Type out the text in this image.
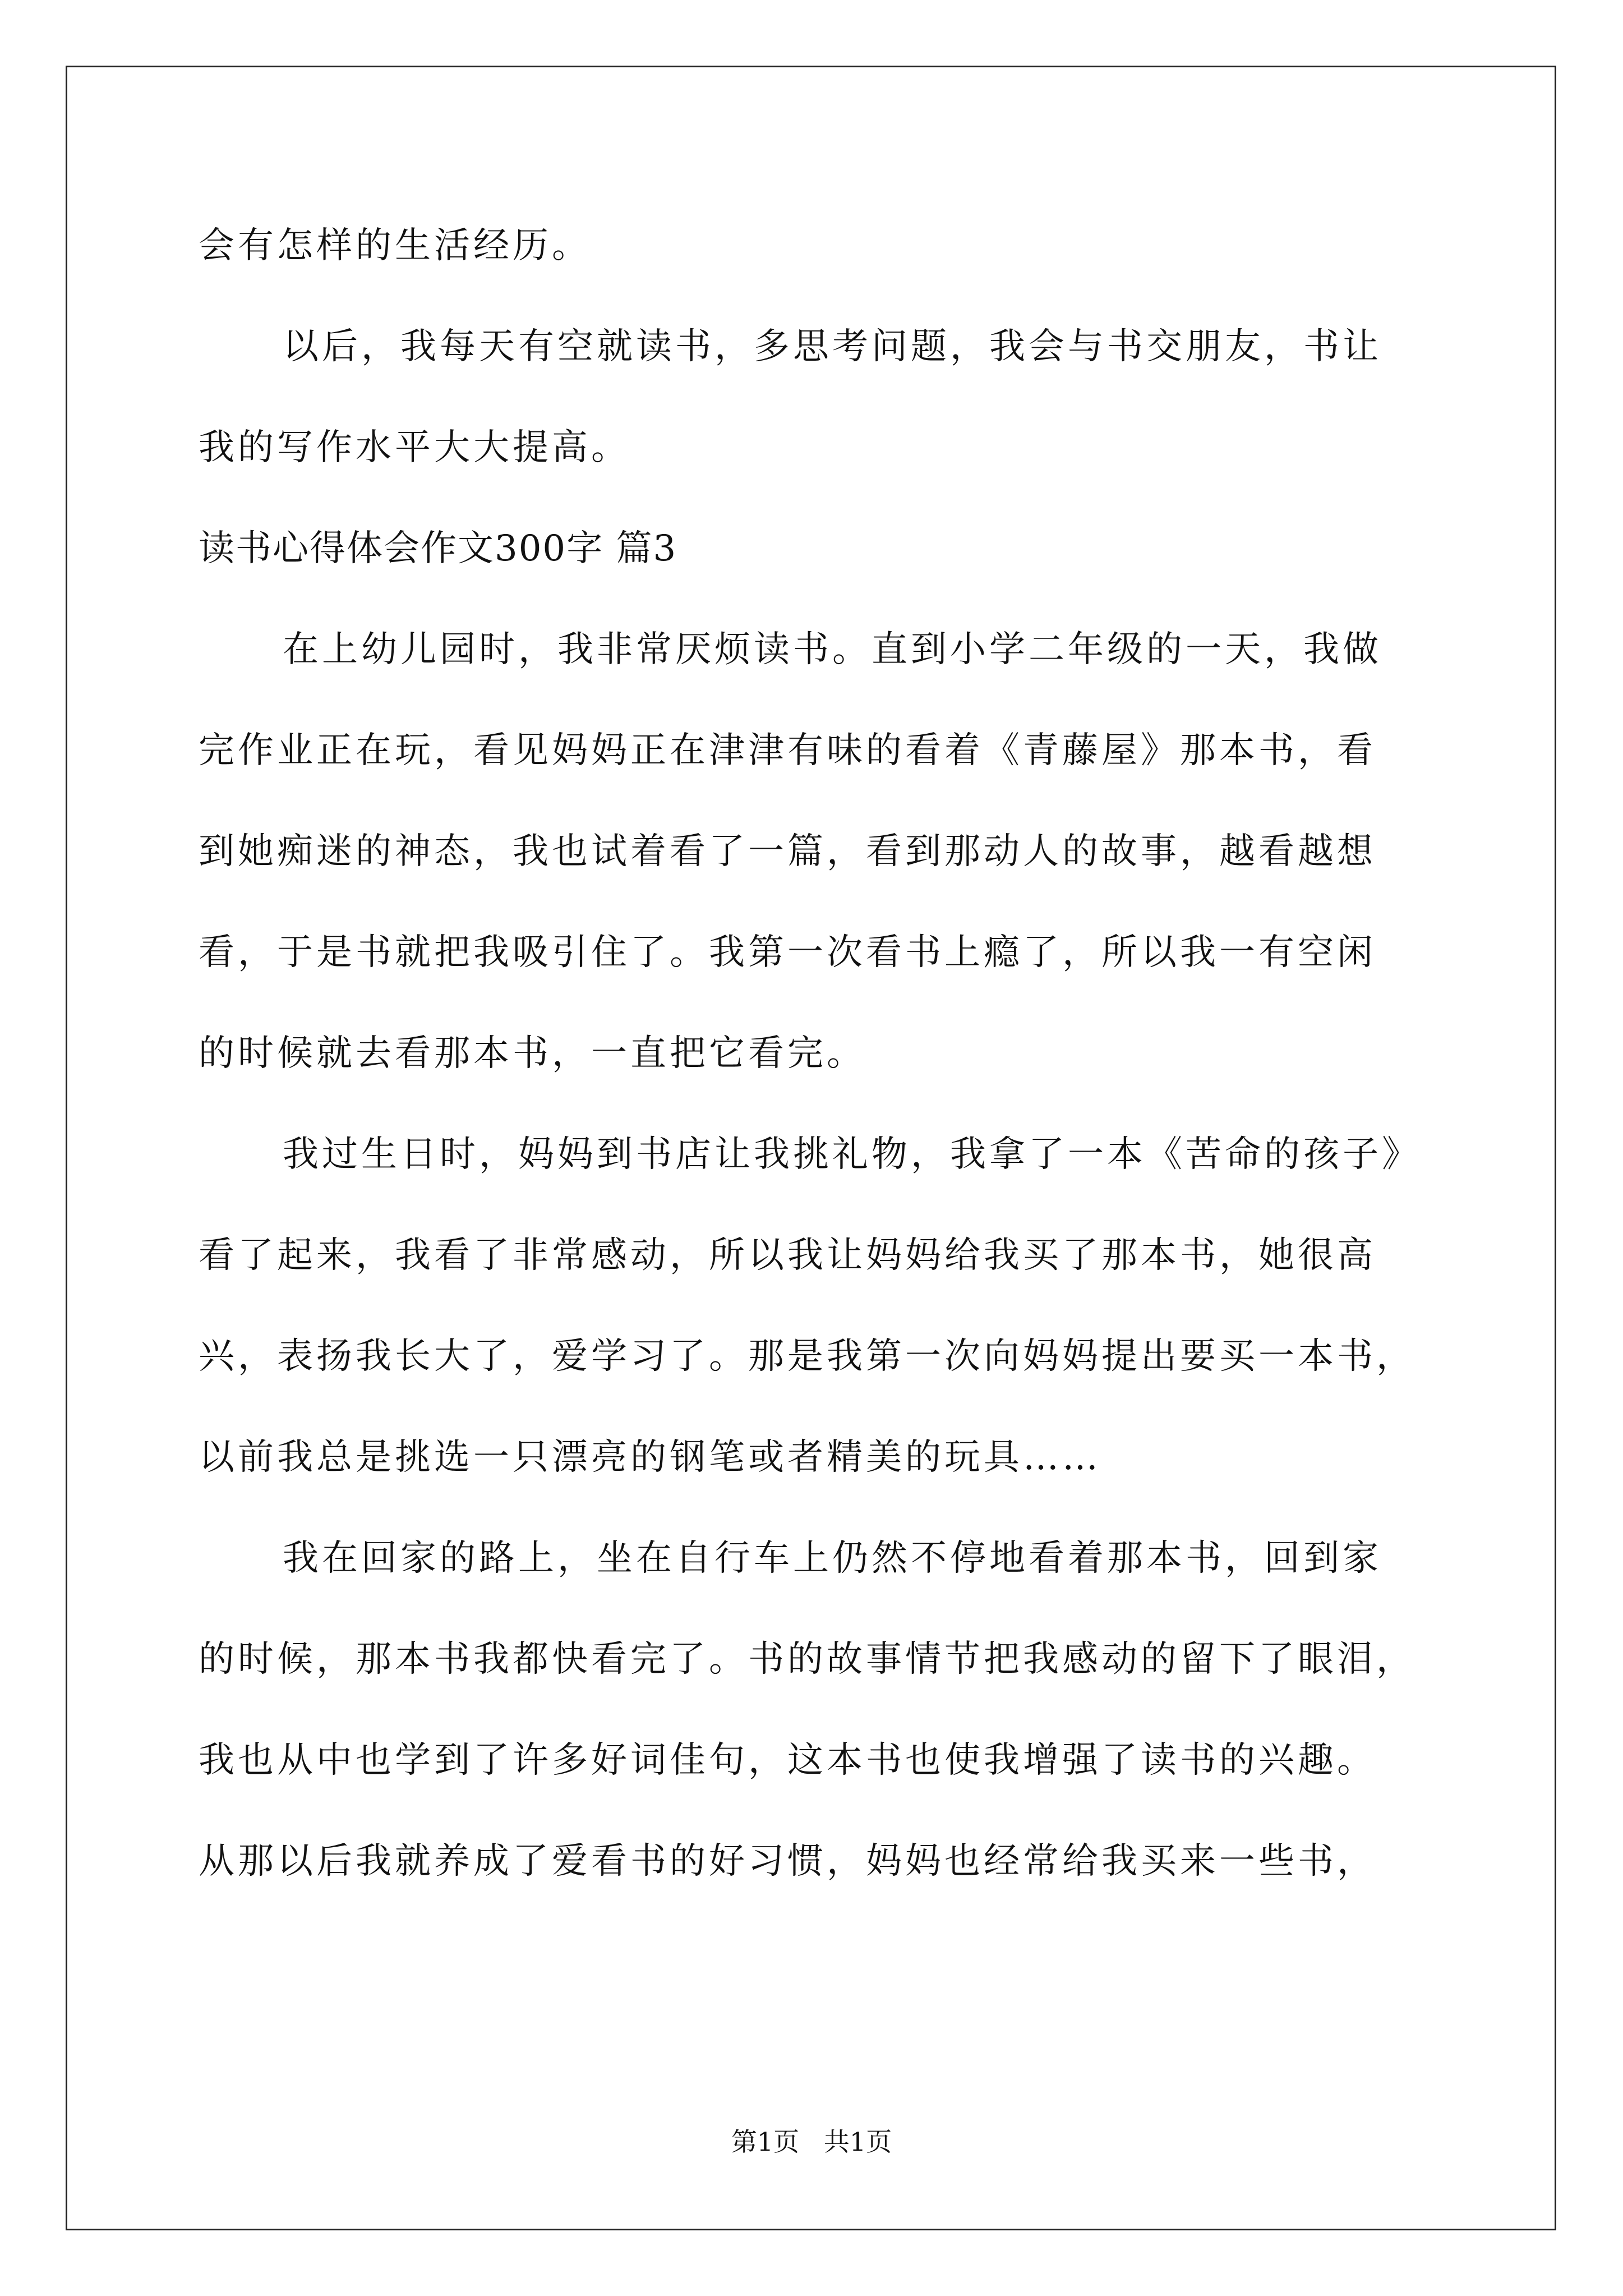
会有怎样的生活经历。

以后，我每天有空就读书，多思考问题，我会与书交朋友，书让

我的写作水平大大提高。

读书心得体会作文300字 篇3

在上幼儿园时，我非常厌烦读书。直到小学二年级的一天，我做

完作业正在玩，看见妈妈正在津津有味的看着《青藤屋》那本书，看

到她痴迷的神态，我也试着看了一篇，看到那动人的故事，越看越想

看，于是书就把我吸引住了。我第一次看书上瘾了，所以我一有空闲

的时候就去看那本书，一直把它看完。

我过生日时，妈妈到书店让我挑礼物，我拿了一本《苦命的孩子》

看了起来，我看了非常感动，所以我让妈妈给我买了那本书，她很高

兴，表扬我长大了，爱学习了。那是我第一次向妈妈提出要买一本书，

以前我总是挑选一只漂亮的钢笔或者精美的玩具……

我在回家的路上，坐在自行车上仍然不停地看着那本书，回到家

的时候，那本书我都快看完了。书的故事情节把我感动的留下了眼泪，

我也从中也学到了许多好词佳句，这本书也使我增强了读书的兴趣。

从那以后我就养成了爱看书的好习惯，妈妈也经常给我买来一些书，

第1页   共1页
